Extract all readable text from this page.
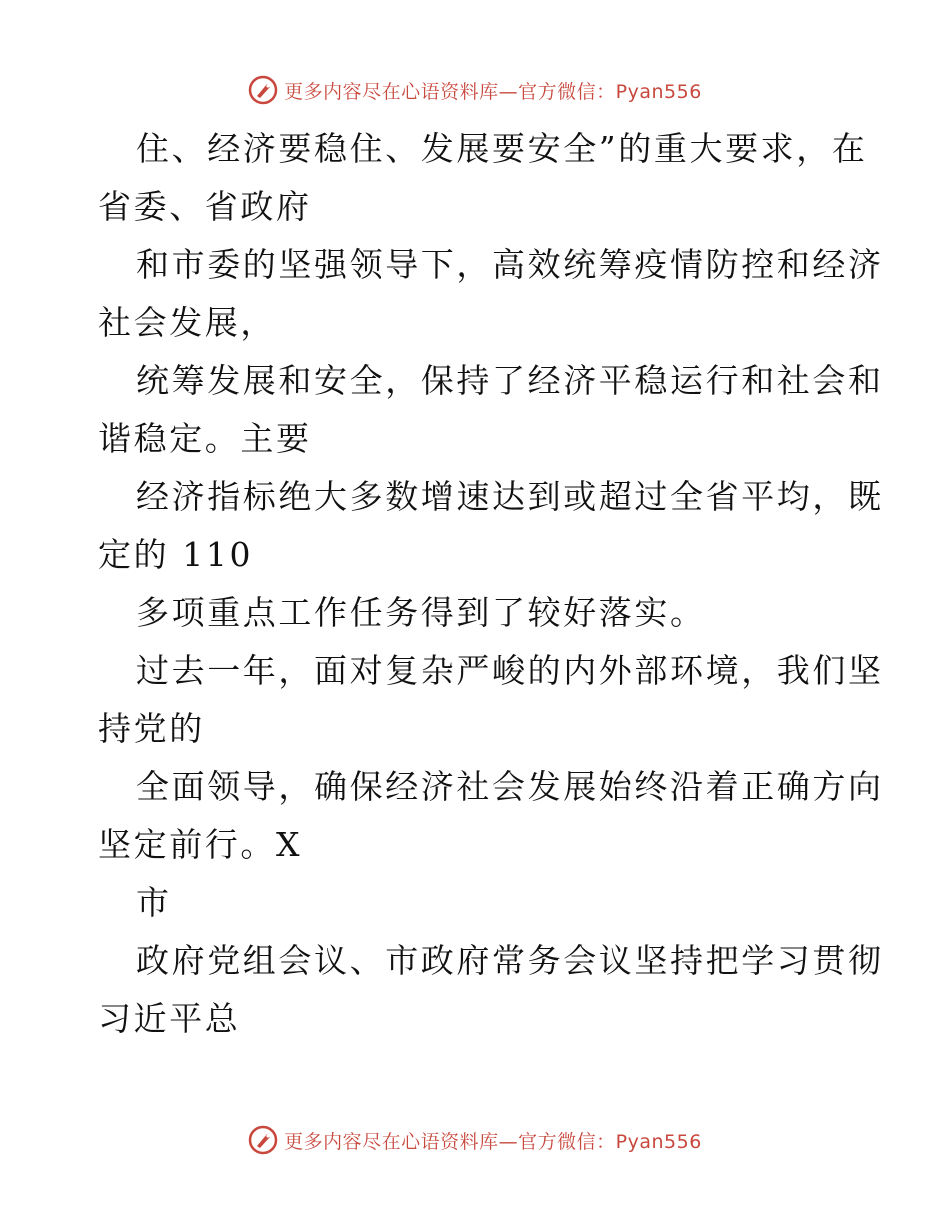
更多内容尽在心语资料库—官方微信：Pyan556
住、经济要稳住、发展要安全”的重大要求，在
省委、省政府
和市委的坚强领导下，高效统筹疫情防控和经济
社会发展，
统筹发展和安全，保持了经济平稳运行和社会和
谐稳定。主要
经济指标绝大多数增速达到或超过全省平均，既
定的 110
多项重点工作任务得到了较好落实。
过去一年，面对复杂严峻的内外部环境，我们坚
持党的
全面领导，确保经济社会发展始终沿着正确方向
坚定前行。X
市
政府党组会议、市政府常务会议坚持把学习贯彻
习近平总
更多内容尽在心语资料库—官方微信：Pyan556
